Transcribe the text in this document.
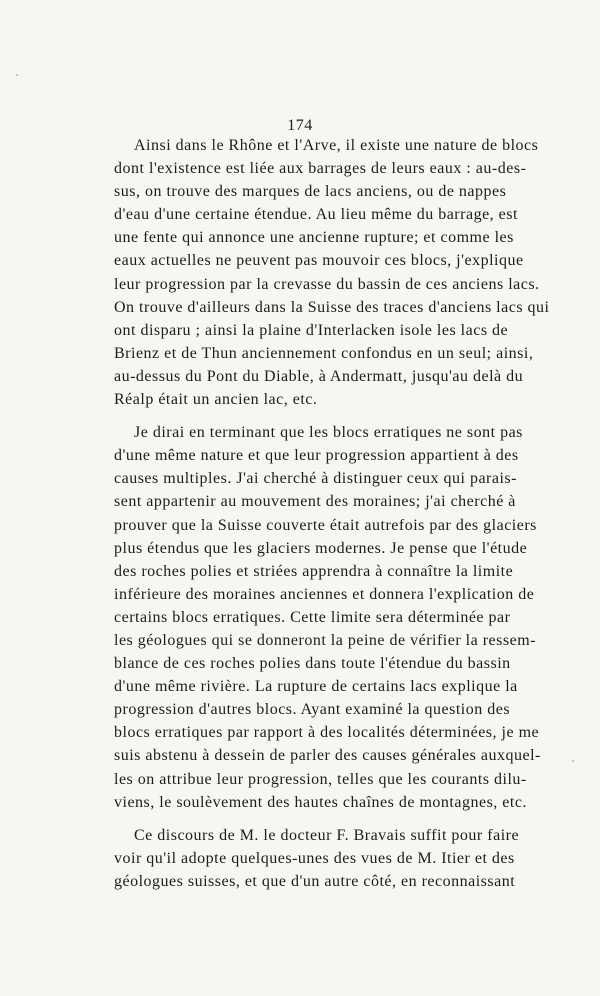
174
Ainsi dans le Rhône et l'Arve, il existe une nature de blocs
dont l'existence est liée aux barrages de leurs eaux : au-des-
sus, on trouve des marques de lacs anciens, ou de nappes
d'eau d'une certaine étendue. Au lieu même du barrage, est
une fente qui annonce une ancienne rupture; et comme les
eaux actuelles ne peuvent pas mouvoir ces blocs, j'explique
leur progression par la crevasse du bassin de ces anciens lacs.
On trouve d'ailleurs dans la Suisse des traces d'anciens lacs qui
ont disparu ; ainsi la plaine d'Interlacken isole les lacs de
Brienz et de Thun anciennement confondus en un seul; ainsi,
au-dessus du Pont du Diable, à Andermatt, jusqu'au delà du
Réalp était un ancien lac, etc.
Je dirai en terminant que les blocs erratiques ne sont pas
d'une même nature et que leur progression appartient à des
causes multiples. J'ai cherché à distinguer ceux qui parais-
sent appartenir au mouvement des moraines; j'ai cherché à
prouver que la Suisse couverte était autrefois par des glaciers
plus étendus que les glaciers modernes. Je pense que l'étude
des roches polies et striées apprendra à connaître la limite
inférieure des moraines anciennes et donnera l'explication de
certains blocs erratiques. Cette limite sera déterminée par
les géologues qui se donneront la peine de vérifier la ressem-
blance de ces roches polies dans toute l'étendue du bassin
d'une même rivière. La rupture de certains lacs explique la
progression d'autres blocs. Ayant examiné la question des
blocs erratiques par rapport à des localités déterminées, je me
suis abstenu à dessein de parler des causes générales auxquel-
les on attribue leur progression, telles que les courants dilu-
viens, le soulèvement des hautes chaînes de montagnes, etc.
Ce discours de M. le docteur F. Bravais suffit pour faire
voir qu'il adopte quelques-unes des vues de M. Itier et des
géologues suisses, et que d'un autre côté, en reconnaissant
